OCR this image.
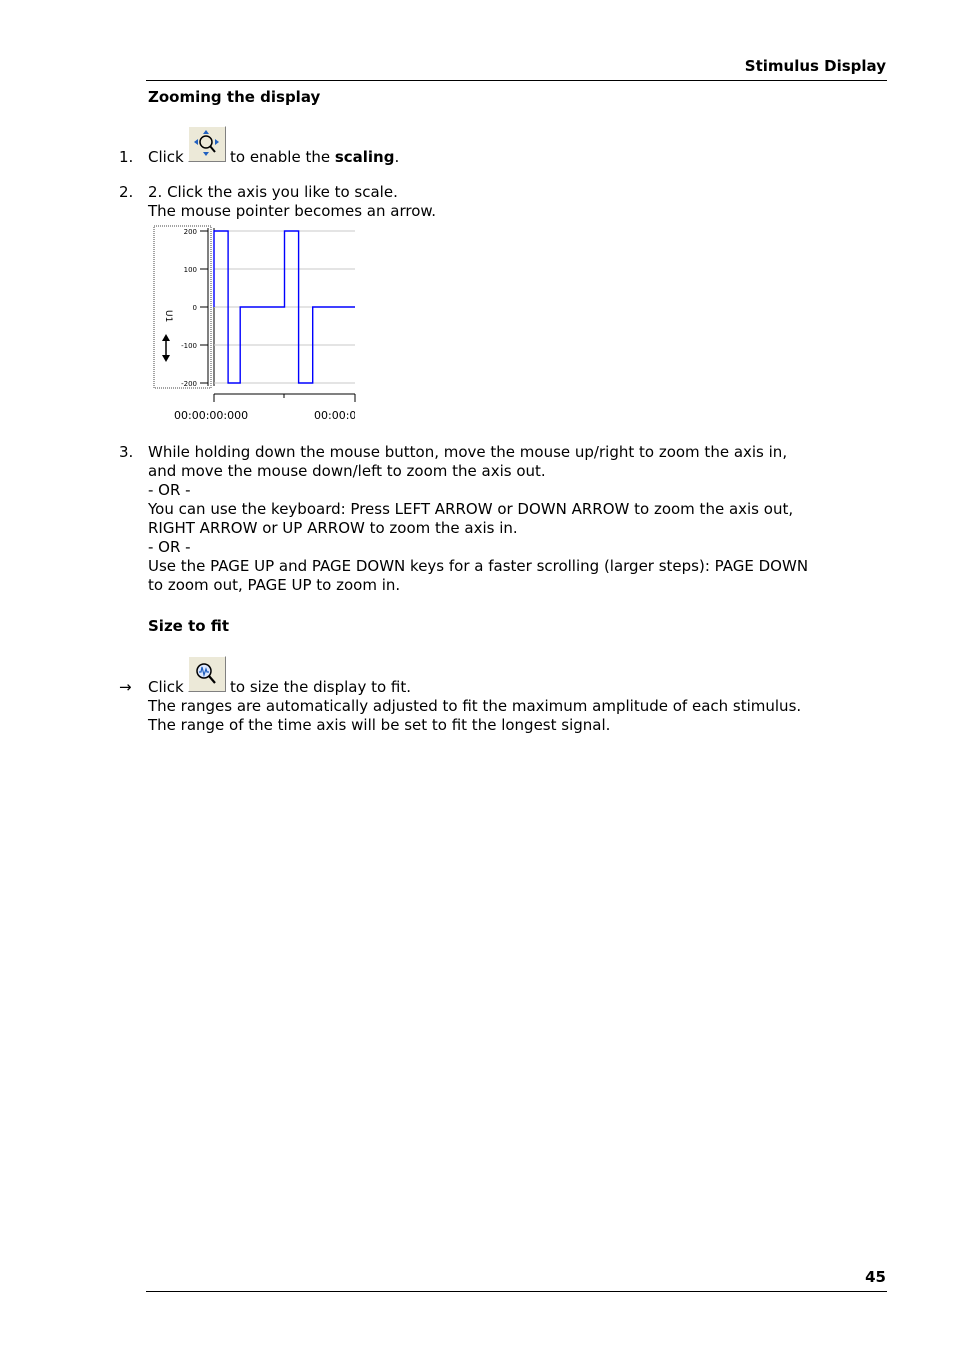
Stimulus Display
Zooming the display
1. Click	to enable the scaling.
2. 2. Click the axis you like to scale.
The mouse pointer becomes an arrow.
U1
200
100
0
-100
-200
00:00:00:000	00:00:0
3. While holding down the mouse button, move the mouse up/right to zoom the axis in,
and move the mouse down/left to zoom the axis out.
- OR -
You can use the keyboard: Press LEFT ARROW or DOWN ARROW to zoom the axis out,
RIGHT ARROW or UP ARROW to zoom the axis in.
- OR -
Use the PAGE UP and PAGE DOWN keys for a faster scrolling (larger steps): PAGE DOWN
to zoom out, PAGE UP to zoom in.
Size to fit
→ Click	to size the display to fit.
The ranges are automatically adjusted to fit the maximum amplitude of each stimulus.
The range of the time axis will be set to fit the longest signal.
45
